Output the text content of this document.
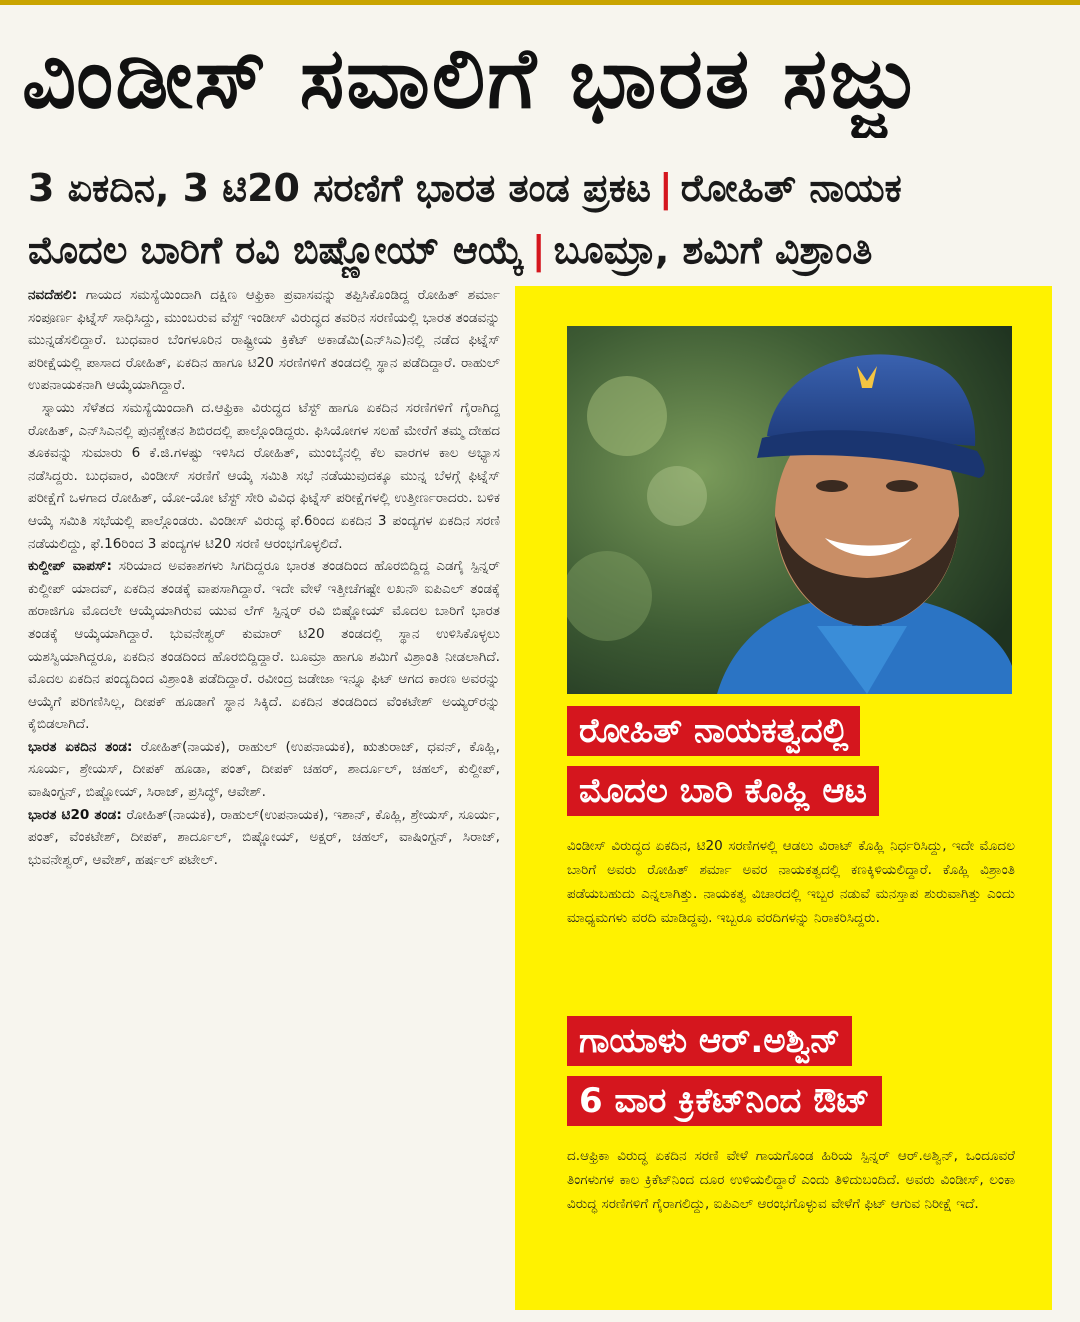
ವಿಂಡೀಸ್ ಸವಾಲಿಗೆ ಭಾರತ ಸಜ್ಜು
3 ಏಕದಿನ, 3 ಟಿ20 ಸರಣಿಗೆ ಭಾರತ ತಂಡ ಪ್ರಕಟ | ರೋಹಿತ್ ನಾಯಕ
ಮೊದಲ ಬಾರಿಗೆ ರವಿ ಬಿಷ್ಣೋಯ್ ಆಯ್ಕೆ | ಬೂಮ್ರಾ, ಶಮಿಗೆ ವಿಶ್ರಾಂತಿ

ನವದೆಹಲಿ: ಗಾಯದ ಸಮಸ್ಯೆಯಿಂದಾಗಿ ದಕ್ಷಿಣ ಆಫ್ರಿಕಾ ಪ್ರವಾಸವನ್ನು ತಪ್ಪಿಸಿಕೊಂಡಿದ್ದ ರೋಹಿತ್ ಶರ್ಮಾ ಸಂಪೂರ್ಣ ಫಿಟ್ನೆಸ್ ಸಾಧಿಸಿದ್ದು, ಮುಂಬರುವ ವೆಸ್ಟ್ ಇಂಡೀಸ್ ವಿರುದ್ಧದ ತವರಿನ ಸರಣಿಯಲ್ಲಿ ಭಾರತ ತಂಡವನ್ನು ಮುನ್ನಡೆಸಲಿದ್ದಾರೆ. ಬುಧವಾರ ಬೆಂಗಳೂರಿನ ರಾಷ್ಟ್ರೀಯ ಕ್ರಿಕೆಟ್ ಅಕಾಡೆಮಿ(ಎನ್‌ಸಿಎ)ನಲ್ಲಿ ನಡೆದ ಫಿಟ್ನೆಸ್ ಪರೀಕ್ಷೆಯಲ್ಲಿ ಪಾಸಾದ ರೋಹಿತ್, ಏಕದಿನ ಹಾಗೂ ಟಿ20 ಸರಣಿಗಳಿಗೆ ತಂಡದಲ್ಲಿ ಸ್ಥಾನ ಪಡೆದಿದ್ದಾರೆ. ರಾಹುಲ್ ಉಪನಾಯಕನಾಗಿ ಆಯ್ಕೆಯಾಗಿದ್ದಾರೆ.

ಸ್ನಾಯು ಸೆಳೆತದ ಸಮಸ್ಯೆಯಿಂದಾಗಿ ದ.ಆಫ್ರಿಕಾ ವಿರುದ್ಧದ ಟೆಸ್ಟ್ ಹಾಗೂ ಏಕದಿನ ಸರಣಿಗಳಿಗೆ ಗೈರಾಗಿದ್ದ ರೋಹಿತ್, ಎನ್‌ಸಿಎನಲ್ಲಿ ಪುನಶ್ಚೇತನ ಶಿಬಿರದಲ್ಲಿ ಪಾಲ್ಗೊಂಡಿದ್ದರು. ಫಿಸಿಯೋಗಳ ಸಲಹೆ ಮೇರೆಗೆ ತಮ್ಮ ದೇಹದ ತೂಕವನ್ನು ಸುಮಾರು 6 ಕೆ.ಜಿ.ಗಳಷ್ಟು ಇಳಿಸಿದ ರೋಹಿತ್, ಮುಂಬೈನಲ್ಲಿ ಕೆಲ ವಾರಗಳ ಕಾಲ ಅಭ್ಯಾಸ ನಡೆಸಿದ್ದರು. ಬುಧವಾರ, ವಿಂಡೀಸ್ ಸರಣಿಗೆ ಆಯ್ಕೆ ಸಮಿತಿ ಸಭೆ ನಡೆಯುವುದಕ್ಕೂ ಮುನ್ನ ಬೆಳಗ್ಗೆ ಫಿಟ್ನೆಸ್ ಪರೀಕ್ಷೆಗೆ ಒಳಗಾದ ರೋಹಿತ್, ಯೋ-ಯೋ ಟೆಸ್ಟ್ ಸೇರಿ ವಿವಿಧ ಫಿಟ್ನೆಸ್ ಪರೀಕ್ಷೆಗಳಲ್ಲಿ ಉತ್ತೀರ್ಣರಾದರು. ಬಳಿಕ ಆಯ್ಕೆ ಸಮಿತಿ ಸಭೆಯಲ್ಲಿ ಪಾಲ್ಗೊಂಡರು. ವಿಂಡೀಸ್ ವಿರುದ್ಧ ಫೆ.6ರಿಂದ ಏಕದಿನ 3 ಪಂದ್ಯಗಳ ಏಕದಿನ ಸರಣಿ ನಡೆಯಲಿದ್ದು, ಫೆ.16ರಿಂದ 3 ಪಂದ್ಯಗಳ ಟಿ20 ಸರಣಿ ಆರಂಭಗೊಳ್ಳಲಿದೆ.

ಕುಲ್ದೀಪ್ ವಾಪಸ್: ಸರಿಯಾದ ಅವಕಾಶಗಳು ಸಿಗದಿದ್ದರೂ ಭಾರತ ತಂಡದಿಂದ ಹೊರಬಿದ್ದಿದ್ದ ಎಡಗೈ ಸ್ಪಿನ್ನರ್ ಕುಲ್ದೀಪ್ ಯಾದವ್, ಏಕದಿನ ತಂಡಕ್ಕೆ ವಾಪಸಾಗಿದ್ದಾರೆ. ಇದೇ ವೇಳೆ ಇತ್ತೀಚೆಗಷ್ಟೇ ಲಖನೌ ಐಪಿಎಲ್ ತಂಡಕ್ಕೆ ಹರಾಜಿಗೂ ಮೊದಲೇ ಆಯ್ಕೆಯಾಗಿರುವ ಯುವ ಲೆಗ್ ಸ್ಪಿನ್ನರ್ ರವಿ ಬಿಷ್ಣೋಯ್ ಮೊದಲ ಬಾರಿಗೆ ಭಾರತ ತಂಡಕ್ಕೆ ಆಯ್ಕೆಯಾಗಿದ್ದಾರೆ. ಭುವನೇಶ್ವರ್ ಕುಮಾರ್ ಟಿ20 ತಂಡದಲ್ಲಿ ಸ್ಥಾನ ಉಳಿಸಿಕೊಳ್ಳಲು ಯಶಸ್ವಿಯಾಗಿದ್ದರೂ, ಏಕದಿನ ತಂಡದಿಂದ ಹೊರಬಿದ್ದಿದ್ದಾರೆ. ಬೂಮ್ರಾ ಹಾಗೂ ಶಮಿಗೆ ವಿಶ್ರಾಂತಿ ನೀಡಲಾಗಿದೆ. ಮೊದಲ ಏಕದಿನ ಪಂದ್ಯದಿಂದ ವಿಶ್ರಾಂತಿ ಪಡೆದಿದ್ದಾರೆ. ರವೀಂದ್ರ ಜಡೇಜಾ ಇನ್ನೂ ಫಿಟ್ ಆಗದ ಕಾರಣ ಅವರನ್ನು ಆಯ್ಕೆಗೆ ಪರಿಗಣಿಸಿಲ್ಲ, ದೀಪಕ್ ಹೂಡಾಗೆ ಸ್ಥಾನ ಸಿಕ್ಕಿದೆ. ಏಕದಿನ ತಂಡದಿಂದ ವೆಂಕಟೇಶ್ ಅಯ್ಯರ್‌ರನ್ನು ಕೈಬಿಡಲಾಗಿದೆ.

ಭಾರತ ಏಕದಿನ ತಂಡ: ರೋಹಿತ್(ನಾಯಕ), ರಾಹುಲ್ (ಉಪನಾಯಕ), ಋತುರಾಜ್, ಧವನ್, ಕೊಹ್ಲಿ, ಸೂರ್ಯ, ಶ್ರೇಯಸ್, ದೀಪಕ್ ಹೂಡಾ, ಪಂತ್, ದೀಪಕ್ ಚಹರ್, ಶಾರ್ದೂಲ್, ಚಹಲ್, ಕುಲ್ದೀಪ್, ವಾಷಿಂಗ್ಟನ್, ಬಿಷ್ಣೋಯ್, ಸಿರಾಜ್, ಪ್ರಸಿದ್ಧ್, ಆವೇಶ್.

ಭಾರತ ಟಿ20 ತಂಡ: ರೋಹಿತ್(ನಾಯಕ), ರಾಹುಲ್(ಉಪನಾಯಕ), ಇಶಾನ್, ಕೊಹ್ಲಿ, ಶ್ರೇಯಸ್, ಸೂರ್ಯ, ಪಂತ್, ವೆಂಕಟೇಶ್, ದೀಪಕ್, ಶಾರ್ದೂಲ್, ಬಿಷ್ಣೋಯ್, ಅಕ್ಷರ್, ಚಹಲ್, ವಾಷಿಂಗ್ಟನ್, ಸಿರಾಜ್, ಭುವನೇಶ್ವರ್, ಆವೇಶ್, ಹರ್ಷಲ್ ಪಟೇಲ್.

ರೋಹಿತ್ ನಾಯಕತ್ವದಲ್ಲಿ
ಮೊದಲ ಬಾರಿ ಕೊಹ್ಲಿ ಆಟ
ವಿಂಡೀಸ್ ವಿರುದ್ಧದ ಏಕದಿನ, ಟಿ20 ಸರಣಿಗಳಲ್ಲಿ ಆಡಲು ವಿರಾಟ್ ಕೊಹ್ಲಿ ನಿರ್ಧರಿಸಿದ್ದು, ಇದೇ ಮೊದಲ ಬಾರಿಗೆ ಅವರು ರೋಹಿತ್ ಶರ್ಮಾ ಅವರ ನಾಯಕತ್ವದಲ್ಲಿ ಕಣಕ್ಕಿಳಿಯಲಿದ್ದಾರೆ. ಕೊಹ್ಲಿ ವಿಶ್ರಾಂತಿ ಪಡೆಯಬಹುದು ಎನ್ನಲಾಗಿತ್ತು. ನಾಯಕತ್ವ ವಿಚಾರದಲ್ಲಿ ಇಬ್ಬರ ನಡುವೆ ಮನಸ್ತಾಪ ಶುರುವಾಗಿತ್ತು ಎಂದು ಮಾಧ್ಯಮಗಳು ವರದಿ ಮಾಡಿದ್ದವು. ಇಬ್ಬರೂ ವರದಿಗಳನ್ನು ನಿರಾಕರಿಸಿದ್ದರು.
ಗಾಯಾಳು ಆರ್.ಅಶ್ವಿನ್
6 ವಾರ ಕ್ರಿಕೆಟ್‌ನಿಂದ ಔಟ್
ದ.ಆಫ್ರಿಕಾ ವಿರುದ್ಧ ಏಕದಿನ ಸರಣಿ ವೇಳೆ ಗಾಯಗೊಂಡ ಹಿರಿಯ ಸ್ಪಿನ್ನರ್ ಆರ್.ಅಶ್ವಿನ್, ಒಂದೂವರೆ ತಿಂಗಳುಗಳ ಕಾಲ ಕ್ರಿಕೆಟ್‌ನಿಂದ ದೂರ ಉಳಿಯಲಿದ್ದಾರೆ ಎಂದು ತಿಳಿದುಬಂದಿದೆ. ಅವರು ವಿಂಡೀಸ್, ಲಂಕಾ ವಿರುದ್ಧ ಸರಣಿಗಳಿಗೆ ಗೈರಾಗಲಿದ್ದು, ಐಪಿಎಲ್ ಆರಂಭಗೊಳ್ಳುವ ವೇಳೆಗೆ ಫಿಟ್ ಆಗುವ ನಿರೀಕ್ಷೆ ಇದೆ.
